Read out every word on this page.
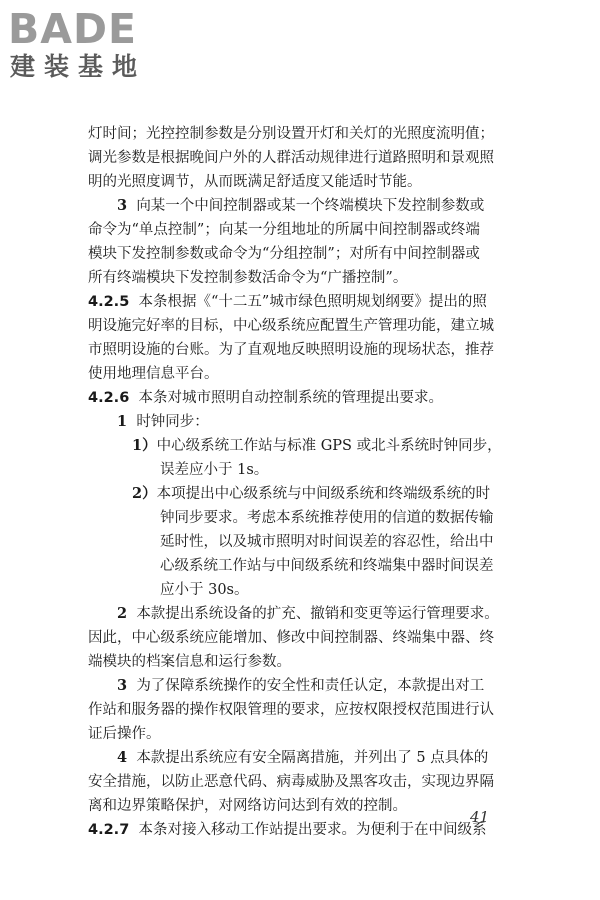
BADE
建装基地
灯时间；光控控制参数是分别设置开灯和关灯的光照度流明值；
调光参数是根据晚间户外的人群活动规律进行道路照明和景观照
明的光照度调节，从而既满足舒适度又能适时节能。
3 向某一个中间控制器或某一个终端模块下发控制参数或
命令为“单点控制”；向某一分组地址的所属中间控制器或终端
模块下发控制参数或命令为“分组控制”；对所有中间控制器或
所有终端模块下发控制参数活命令为“广播控制”。
4.2.5 本条根据《“十二五”城市绿色照明规划纲要》提出的照
明设施完好率的目标，中心级系统应配置生产管理功能，建立城
市照明设施的台账。为了直观地反映照明设施的现场状态，推荐
使用地理信息平台。
4.2.6 本条对城市照明自动控制系统的管理提出要求。
1 时钟同步：
1）中心级系统工作站与标准 GPS 或北斗系统时钟同步，
误差应小于 1s。
2）本项提出中心级系统与中间级系统和终端级系统的时
钟同步要求。考虑本系统推荐使用的信道的数据传输
延时性，以及城市照明对时间误差的容忍性，给出中
心级系统工作站与中间级系统和终端集中器时间误差
应小于 30s。
2 本款提出系统设备的扩充、撤销和变更等运行管理要求。
因此，中心级系统应能增加、修改中间控制器、终端集中器、终
端模块的档案信息和运行参数。
3 为了保障系统操作的安全性和责任认定，本款提出对工
作站和服务器的操作权限管理的要求，应按权限授权范围进行认
证后操作。
4 本款提出系统应有安全隔离措施，并列出了 5 点具体的
安全措施，以防止恶意代码、病毒威胁及黑客攻击，实现边界隔
离和边界策略保护，对网络访问达到有效的控制。
4.2.7 本条对接入移动工作站提出要求。为便利于在中间级系
41
